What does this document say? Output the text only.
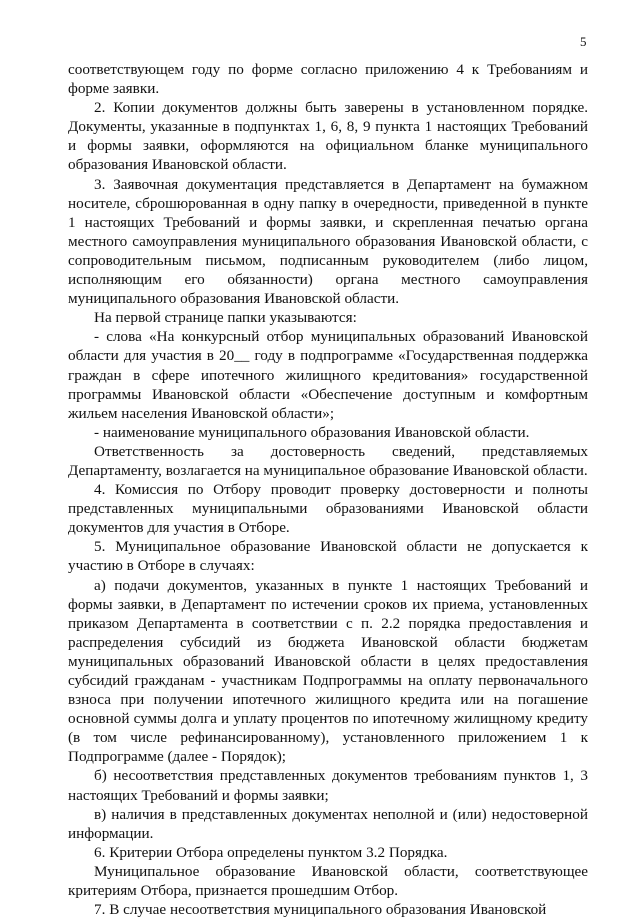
5

соответствующем году по форме согласно приложению 4 к Требованиям и форме заявки.

2. Копии документов должны быть заверены в установленном порядке. Документы, указанные в подпунктах 1, 6, 8, 9 пункта 1 настоящих Требований и формы заявки, оформляются на официальном бланке муниципального образования Ивановской области.

3. Заявочная документация представляется в Департамент на бумажном носителе, сброшюрованная в одну папку в очередности, приведенной в пункте 1 настоящих Требований и формы заявки, и скрепленная печатью органа местного самоуправления муниципального образования Ивановской области, с сопроводительным письмом, подписанным руководителем (либо лицом, исполняющим его обязанности) органа местного самоуправления муниципального образования Ивановской области.

На первой странице папки указываются:

- слова «На конкурсный отбор муниципальных образований Ивановской области для участия в 20__ году в подпрограмме «Государственная поддержка граждан в сфере ипотечного жилищного кредитования» государственной программы Ивановской области «Обеспечение доступным и комфортным жильем населения Ивановской области»;

- наименование муниципального образования Ивановской области.

Ответственность за достоверность сведений, представляемых Департаменту, возлагается на муниципальное образование Ивановской области.

4. Комиссия по Отбору проводит проверку достоверности и полноты представленных муниципальными образованиями Ивановской области документов для участия в Отборе.

5. Муниципальное образование Ивановской области не допускается к участию в Отборе в случаях:

а) подачи документов, указанных в пункте 1 настоящих Требований и формы заявки, в Департамент по истечении сроков их приема, установленных приказом Департамента в соответствии с п. 2.2 порядка предоставления и распределения субсидий из бюджета Ивановской области бюджетам муниципальных образований Ивановской области в целях предоставления субсидий гражданам - участникам Подпрограммы на оплату первоначального взноса при получении ипотечного жилищного кредита или на погашение основной суммы долга и уплату процентов по ипотечному жилищному кредиту (в том числе рефинансированному), установленного приложением 1 к Подпрограмме (далее - Порядок);

б) несоответствия представленных документов требованиям пунктов 1, 3 настоящих Требований и формы заявки;

в) наличия в представленных документах неполной и (или) недостоверной информации.

6. Критерии Отбора определены пунктом 3.2 Порядка.

Муниципальное образование Ивановской области, соответствующее критериям Отбора, признается прошедшим Отбор.

7. В случае несоответствия муниципального образования Ивановской
